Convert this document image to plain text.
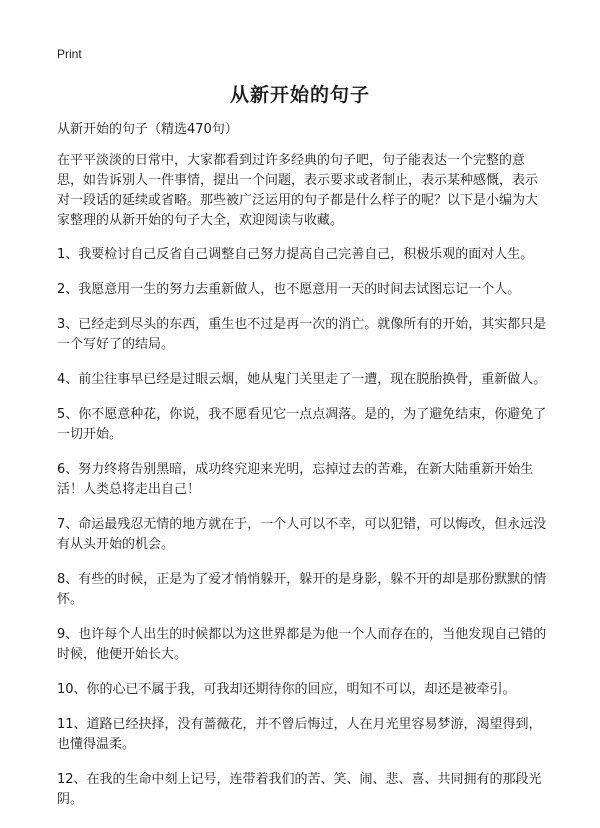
Print
从新开始的句子

从新开始的句子（精选470句）

在平平淡淡的日常中，大家都看到过许多经典的句子吧，句子能表达一个完整的意思，如告诉别人一件事情，提出一个问题，表示要求或者制止，表示某种感慨，表示对一段话的延续或省略。那些被广泛运用的句子都是什么样子的呢？以下是小编为大家整理的从新开始的句子大全，欢迎阅读与收藏。

1、我要检讨自己反省自己调整自己努力提高自己完善自己，积极乐观的面对人生。

2、我愿意用一生的努力去重新做人，也不愿意用一天的时间去试图忘记一个人。

3、已经走到尽头的东西，重生也不过是再一次的消亡。就像所有的开始，其实都只是一个写好了的结局。

4、前尘往事早已经是过眼云烟，她从鬼门关里走了一遭，现在脱胎换骨，重新做人。

5、你不愿意种花，你说，我不愿看见它一点点凋落。是的，为了避免结束，你避免了一切开始。

6、努力终将告别黑暗，成功终究迎来光明，忘掉过去的苦难，在新大陆重新开始生活！人类总将走出自己！

7、命运最残忍无情的地方就在于，一个人可以不幸，可以犯错，可以悔改，但永远没有从头开始的机会。

8、有些的时候，正是为了爱才悄悄躲开，躲开的是身影，躲不开的却是那份默默的情怀。

9、也许每个人出生的时候都以为这世界都是为他一个人而存在的，当他发现自己错的时候，他便开始长大。

10、你的心已不属于我，可我却还期待你的回应，明知不可以，却还是被牵引。

11、道路已经抉择，没有蔷薇花，并不曾后悔过，人在月光里容易梦游，渴望得到，也懂得温柔。

12、在我的生命中刻上记号，连带着我们的苦、笑、闹、悲、喜、共同拥有的那段光阴。
